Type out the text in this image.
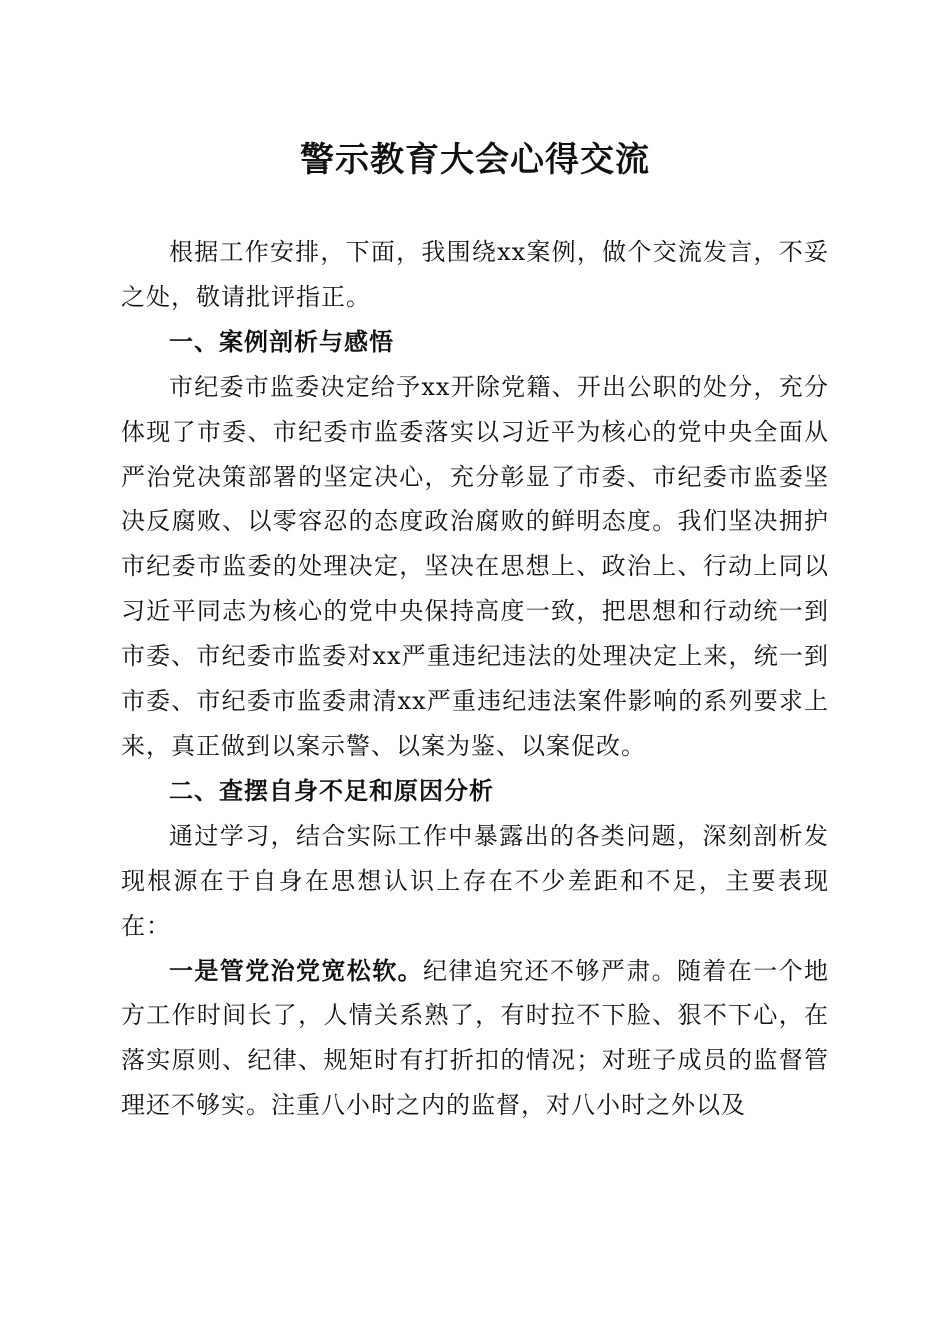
警示教育大会心得交流

根据工作安排，下面，我围绕xx案例，做个交流发言，不妥之处，敬请批评指正。

一、案例剖析与感悟

市纪委市监委决定给予xx开除党籍、开出公职的处分，充分体现了市委、市纪委市监委落实以习近平为核心的党中央全面从严治党决策部署的坚定决心，充分彰显了市委、市纪委市监委坚决反腐败、以零容忍的态度政治腐败的鲜明态度。我们坚决拥护市纪委市监委的处理决定，坚决在思想上、政治上、行动上同以习近平同志为核心的党中央保持高度一致，把思想和行动统一到市委、市纪委市监委对xx严重违纪违法的处理决定上来，统一到市委、市纪委市监委肃清xx严重违纪违法案件影响的系列要求上来，真正做到以案示警、以案为鉴、以案促改。

二、查摆自身不足和原因分析

通过学习，结合实际工作中暴露出的各类问题，深刻剖析发现根源在于自身在思想认识上存在不少差距和不足，主要表现在：

一是管党治党宽松软。纪律追究还不够严肃。随着在一个地方工作时间长了，人情关系熟了，有时拉不下脸、狠不下心，在落实原则、纪律、规矩时有打折扣的情况；对班子成员的监督管理还不够实。注重八小时之内的监督，对八小时之外以及
